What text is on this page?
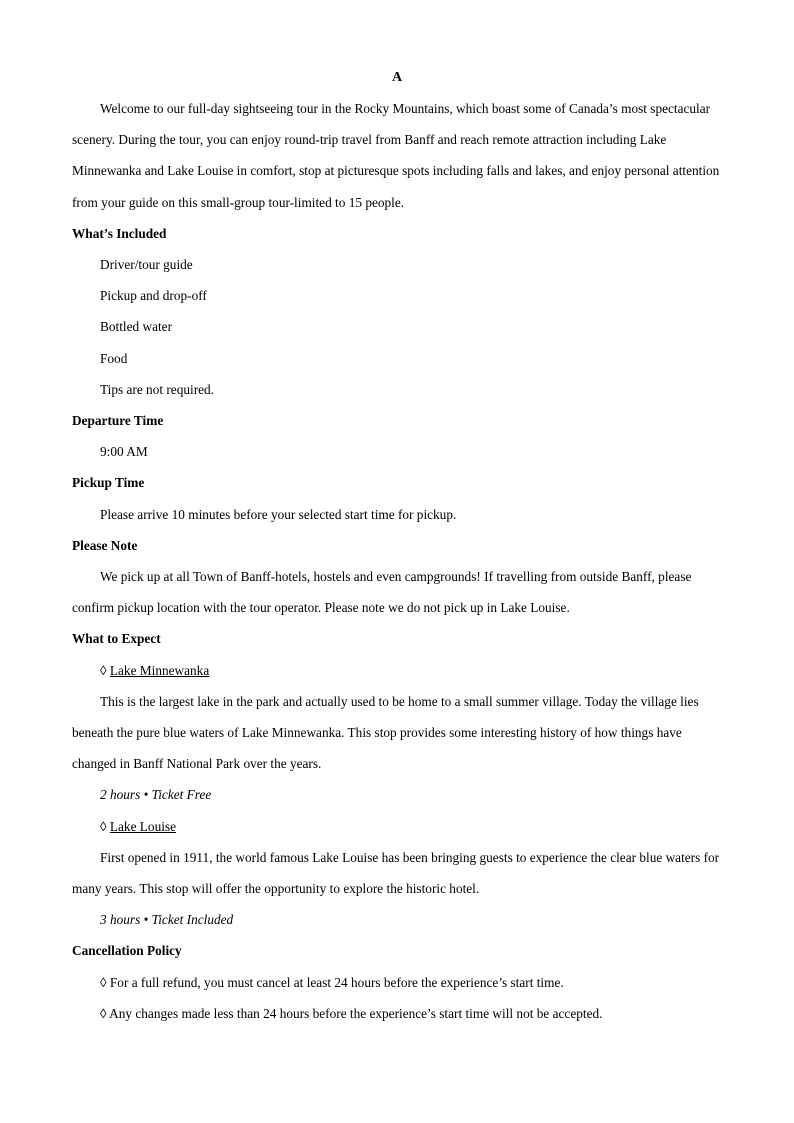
A

Welcome to our full-day sightseeing tour in the Rocky Mountains, which boast some of Canada’s most spectacular scenery. During the tour, you can enjoy round-trip travel from Banff and reach remote attraction including Lake Minnewanka and Lake Louise in comfort, stop at picturesque spots including falls and lakes, and enjoy personal attention from your guide on this small-group tour-limited to 15 people.

What’s Included

Driver/tour guide

Pickup and drop-off

Bottled water

Food

Tips are not required.

Departure Time

9:00 AM

Pickup Time

Please arrive 10 minutes before your selected start time for pickup.

Please Note

We pick up at all Town of Banff-hotels, hostels and even campgrounds! If travelling from outside Banff, please confirm pickup location with the tour operator. Please note we do not pick up in Lake Louise.

What to Expect

◊ Lake Minnewanka

This is the largest lake in the park and actually used to be home to a small summer village. Today the village lies beneath the pure blue waters of Lake Minnewanka. This stop provides some interesting history of how things have changed in Banff National Park over the years.

2 hours • Ticket Free

◊ Lake Louise

First opened in 1911, the world famous Lake Louise has been bringing guests to experience the clear blue waters for many years. This stop will offer the opportunity to explore the historic hotel.

3 hours • Ticket Included

Cancellation Policy

◊ For a full refund, you must cancel at least 24 hours before the experience’s start time.

◊ Any changes made less than 24 hours before the experience’s start time will not be accepted.
